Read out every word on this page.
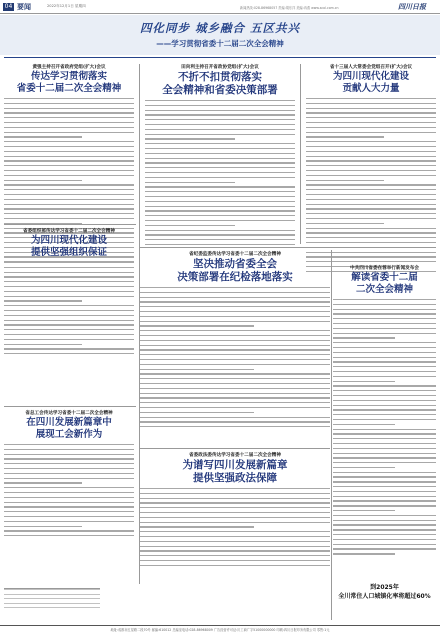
04 要闻	2022年12月1日 星期四	新闻热线:028-86968057 责编:胡东洋 美编:冉燕 www.scol.com.cn	四川日报
四化同步 城乡融合 五区共兴
——学习贯彻省委十二届二次全会精神
黄强主持召开省政府党组(扩大)会议
传达学习贯彻落实
省委十二届二次全会精神
田向利主持召开省政协党组(扩大)会议
不折不扣贯彻落实
全会精神和省委决策部署
省十三届人大常委会党组召开(扩大)会议
为四川现代化建设
贡献人大力量
省委组织部传达学习省委十二届二次全会精神
为四川现代化建设
提供坚强组织保证	省纪委监委传达学习省委十二届二次全会精神
坚决推动省委全会
决策部署在纪检落地落实
中共四川省委在蓉举行新闻发布会
解读省委十二届
二次全会精神
省总工会传达学习省委十二届二次全会精神
在四川发展新篇章中
展现工会新作为
省委政法委传达学习省委十二届二次全会精神
为谱写四川发展新篇章
提供坚强政法保障
到2025年
全川常住人口城镇化率将超过60%
地址:成都市红星路二段70号 邮编:610012 总编室电话:028-86968009 广告经营许可证:川工商广字51000000000 印刷:四川日报印务有限公司 零售:1元
